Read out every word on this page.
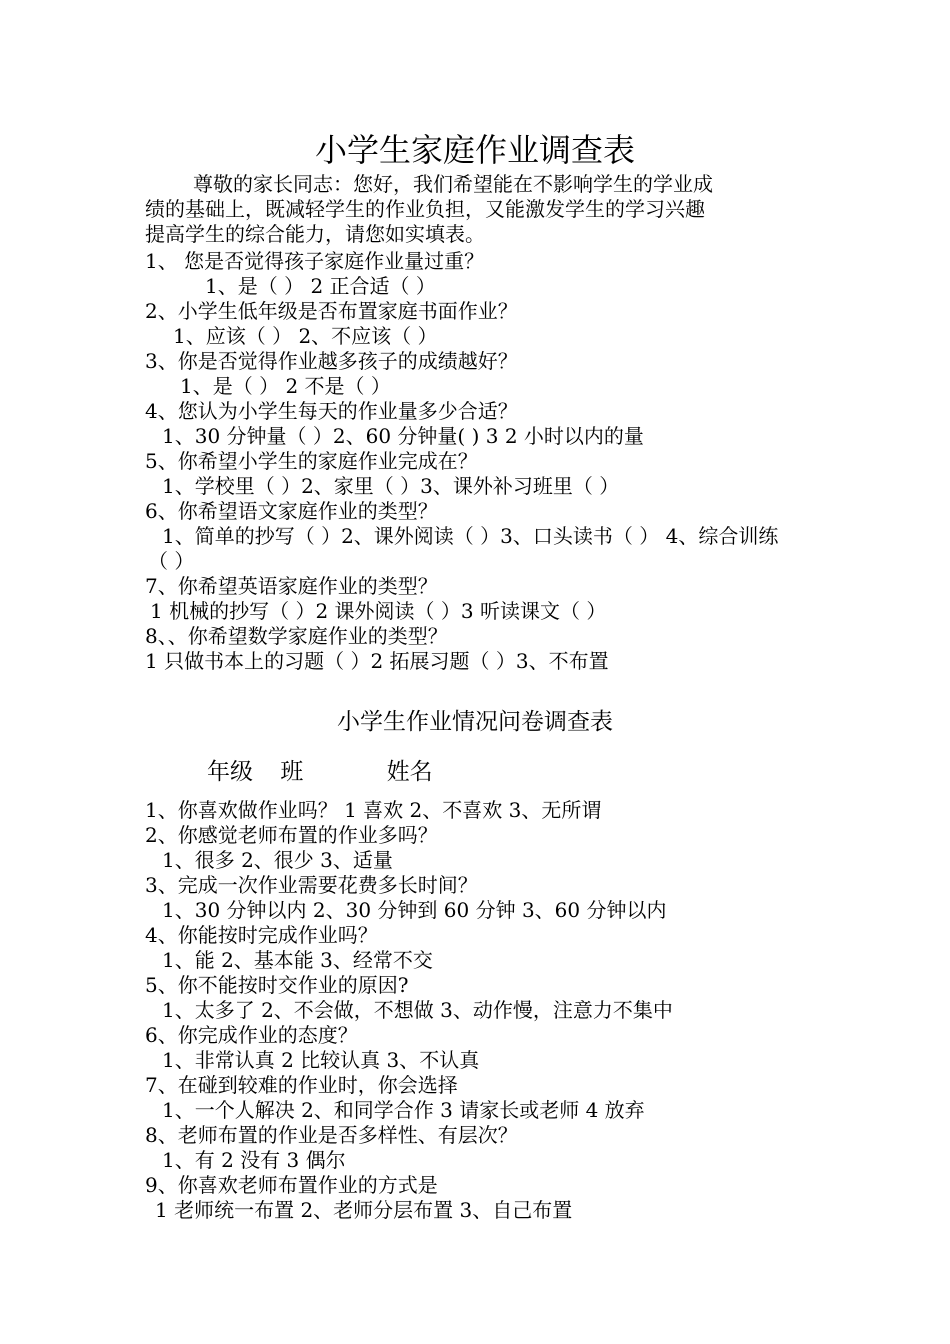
小学生家庭作业调查表
尊敬的家长同志：您好，我们希望能在不影响学生的学业成
绩的基础上，既减轻学生的作业负担，又能激发学生的学习兴趣
提高学生的综合能力，请您如实填表。
1、 您是否觉得孩子家庭作业量过重？
1、是（ ） 2 正合适（ ）
2、小学生低年级是否布置家庭书面作业？
1、应该（ ） 2、不应该（ ）
3、你是否觉得作业越多孩子的成绩越好？
1、是（ ） 2 不是（ ）
4、您认为小学生每天的作业量多少合适？
1、30 分钟量（ ）2、60 分钟量( ) 3 2 小时以内的量
5、你希望小学生的家庭作业完成在？
1、学校里（ ）2、家里（ ）3、课外补习班里（ ）
6、你希望语文家庭作业的类型？
1、简单的抄写（ ）2、课外阅读（ ）3、口头读书（ ） 4、综合训练
（ ）
7、你希望英语家庭作业的类型？
1 机械的抄写（ ）2 课外阅读（ ）3 听读课文（ ）
8、、你希望数学家庭作业的类型？
1 只做书本上的习题（ ）2 拓展习题（ ）3、不布置
小学生作业情况问卷调查表
年级 班	姓名
1、你喜欢做作业吗？ 1 喜欢 2、不喜欢 3、无所谓
2、你感觉老师布置的作业多吗？
1、很多 2、很少 3、适量
3、完成一次作业需要花费多长时间？
1、30 分钟以内 2、30 分钟到 60 分钟 3、60 分钟以内
4、你能按时完成作业吗？
1、能 2、基本能 3、经常不交
5、你不能按时交作业的原因?
1、太多了 2、不会做，不想做 3、动作慢，注意力不集中
6、你完成作业的态度？
1、非常认真 2 比较认真 3、不认真
7、在碰到较难的作业时，你会选择
1、一个人解决 2、和同学合作 3 请家长或老师 4 放弃
8、老师布置的作业是否多样性、有层次？
1、有 2 没有 3 偶尔
9、你喜欢老师布置作业的方式是
1 老师统一布置 2、老师分层布置 3、自己布置
